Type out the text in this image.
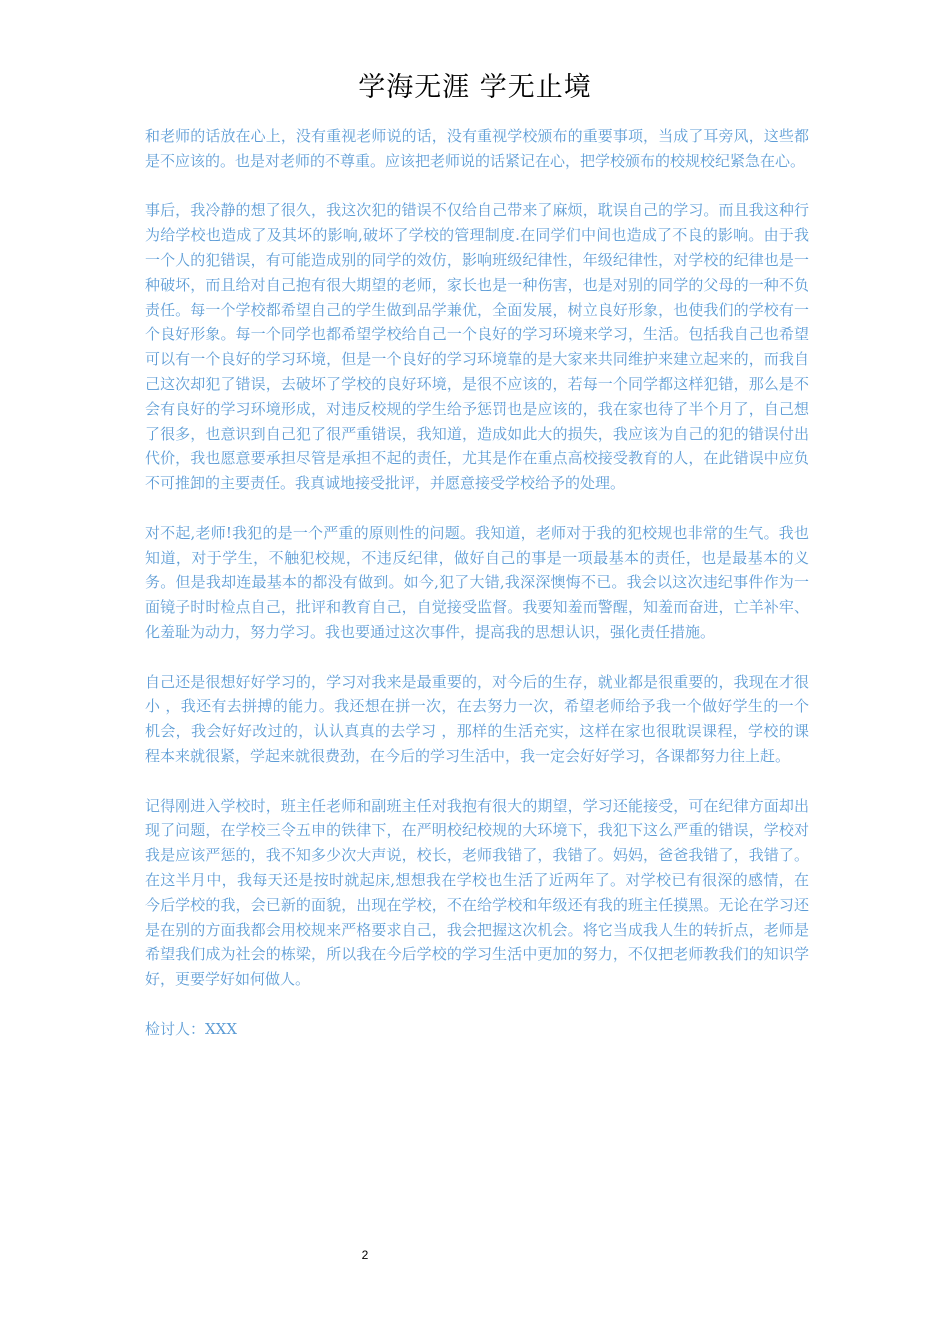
学海无涯 学无止境

和老师的话放在心上，没有重视老师说的话，没有重视学校颁布的重要事项，当成了耳旁风，这些都是不应该的。也是对老师的不尊重。应该把老师说的话紧记在心，把学校颁布的校规校纪紧急在心。

事后，我冷静的想了很久，我这次犯的错误不仅给自己带来了麻烦，耽误自己的学习。而且我这种行为给学校也造成了及其坏的影响,破坏了学校的管理制度.在同学们中间也造成了不良的影响。由于我一个人的犯错误，有可能造成别的同学的效仿，影响班级纪律性，年级纪律性，对学校的纪律也是一种破坏，而且给对自己抱有很大期望的老师，家长也是一种伤害，也是对别的同学的父母的一种不负责任。每一个学校都希望自己的学生做到品学兼优，全面发展，树立良好形象，也使我们的学校有一个良好形象。每一个同学也都希望学校给自己一个良好的学习环境来学习，生活。包括我自己也希望可以有一个良好的学习环境，但是一个良好的学习环境靠的是大家来共同维护来建立起来的，而我自己这次却犯了错误，去破坏了学校的良好环境，是很不应该的，若每一个同学都这样犯错，那么是不会有良好的学习环境形成，对违反校规的学生给予惩罚也是应该的，我在家也待了半个月了，自己想了很多，也意识到自己犯了很严重错误，我知道，造成如此大的损失，我应该为自己的犯的错误付出代价，我也愿意要承担尽管是承担不起的责任，尤其是作在重点高校接受教育的人，在此错误中应负不可推卸的主要责任。我真诚地接受批评，并愿意接受学校给予的处理。

对不起,老师!我犯的是一个严重的原则性的问题。我知道，老师对于我的犯校规也非常的生气。我也知道，对于学生，不触犯校规，不违反纪律，做好自己的事是一项最基本的责任，也是最基本的义务。但是我却连最基本的都没有做到。如今,犯了大错,我深深懊悔不已。我会以这次违纪事件作为一面镜子时时检点自己，批评和教育自己，自觉接受监督。我要知羞而警醒，知羞而奋进，亡羊补牢、化羞耻为动力，努力学习。我也要通过这次事件，提高我的思想认识，强化责任措施。

自己还是很想好好学习的，学习对我来是最重要的，对今后的生存，就业都是很重要的，我现在才很小 ，我还有去拼搏的能力。我还想在拼一次，在去努力一次，希望老师给予我一个做好学生的一个机会，我会好好改过的，认认真真的去学习 ，那样的生活充实，这样在家也很耽误课程，学校的课程本来就很紧，学起来就很费劲，在今后的学习生活中，我一定会好好学习，各课都努力往上赶。

记得刚进入学校时，班主任老师和副班主任对我抱有很大的期望，学习还能接受，可在纪律方面却出现了问题，在学校三令五申的铁律下，在严明校纪校规的大环境下，我犯下这么严重的错误，学校对我是应该严惩的，我不知多少次大声说，校长，老师我错了，我错了。妈妈，爸爸我错了，我错了。在这半月中，我每天还是按时就起床,想想我在学校也生活了近两年了。对学校已有很深的感情，在今后学校的我，会已新的面貌，出现在学校，不在给学校和年级还有我的班主任摸黑。无论在学习还是在别的方面我都会用校规来严格要求自己，我会把握这次机会。将它当成我人生的转折点，老师是希望我们成为社会的栋梁，所以我在今后学校的学习生活中更加的努力，不仅把老师教我们的知识学好，更要学好如何做人。

检讨人：XXX

2
